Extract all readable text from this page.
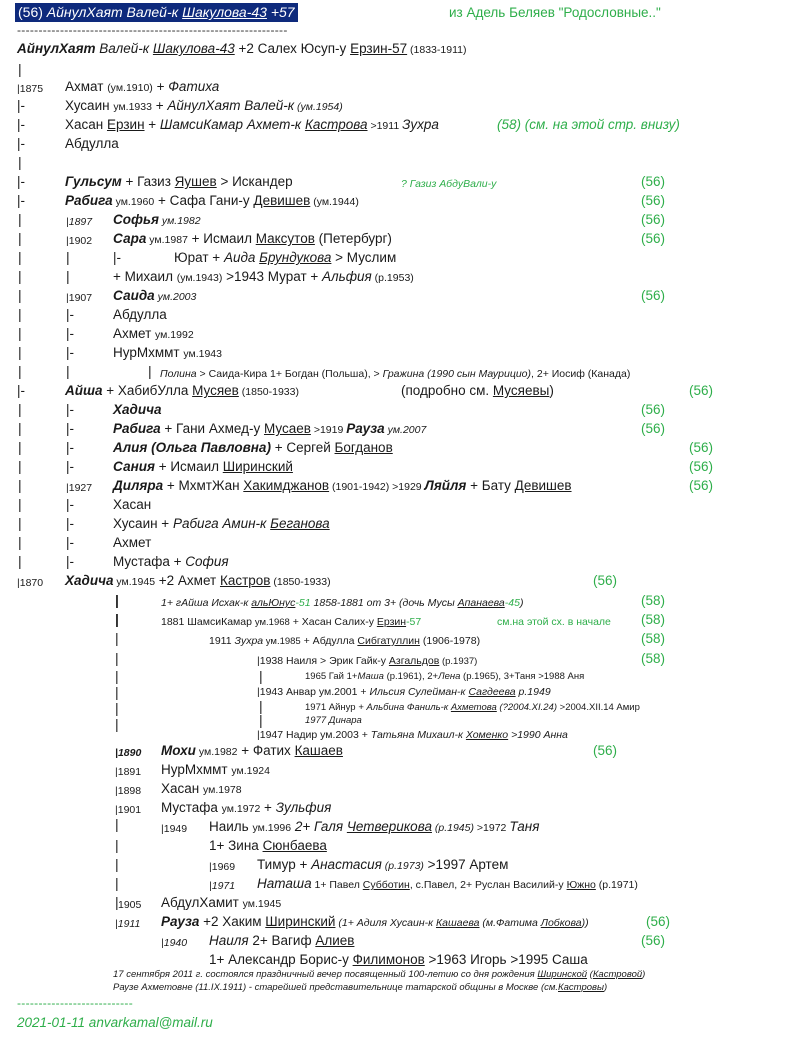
(56) АйнулХаят Валей-к Шакулова-43 +57	из Адель Беляев "Родословные.."
---------------------------------------------------------------
АйнулХаят Валей-к Шакулова-43 +2 Салех Юсуп-у Ерзин-57 (1833-1911)
|
|
|
|
|
|
|
|
|
|
|
|
|
|
|
|
|
|
|
|
|1875 Ахмат (ум.1910) + Фатиха
|-	Хусаин ум.1933 + АйнулХаят Валей-к (ум.1954)
|-	Хасан Ерзин + ШамсиКамар Ахмет-к Кастрова >1911 Зухра	(58) (см. на этой стр. внизу)
|-	Абдулла
|-	Гульсум + Газиз Яушев > Искандер	? Газиз АбдуВали-у	(56)
|-	Рабига ум.1960 + Сафа Гани-у Девишев (ум.1944)	(56)
|1897 Софья ум.1982	(56)
|1902 Сара ум.1987 + Исмаил Максутов (Петербург)	(56)
|
|
|-	Юрат + Аида Брундукова > Муслим
+ Михаил (ум.1943) >1943 Мурат + Альфия (р.1953)
|1907 Саида ум.2003	(56)
|-	Абдулла
|-	Ахмет ум.1992
|-	НурМхммт ум.1943
|	| Полина > Саида-Кира 1+ Богдан (Польша), > Гражина (1990 сын Маурицио), 2+ Иосиф (Канада)
|-	Айша + ХабибУлла Мусяев (1850-1933)	(подробно см. Мусяевы)	(56)
|-	Хадича	(56)
|-	Рабига + Гани Ахмед-у Мусаев >1919 Рауза ум.2007	(56)
|-	Алия (Ольга Павловна) + Сергей Богданов	(56)
|-	Сания + Исмаил Ширинский	(56)
|1927 Диляра + МхмтЖан Хакимджанов (1901-1942) >1929 Ляйля + Бату Девишев	(56)
|-	Хасан
|-	Хусаин + Рабига Амин-к Беганова
|-	Ахмет
|-	Мустафа + София
|1870 Хадича ум.1945 +2 Ахмет Кастров (1850-1933)	(56)
|
|
|
|
|
|
|
|
|
|
|
|
|
|
|
|
1+ гАйша Исхак-к альЮнус-51 1858-1881 от 3+ (дочь Мусы Апанаева-45)	(58)
1881 ШамсиКамар ум.1968 + Хасан Салих-у Ерзин-57	см.на этой сх. в начале (58)
1911 Зухра ум.1985 + Абдулла Сибгатуллин (1906-1978)	(58)
|1938 Наиля > Эрик Гайк-у Азгальдов (р.1937)	(58)
1965 Гай 1+Маша (р.1961), 2+Лена (р.1965), 3+Таня >1988 Аня
|1943 Анвар ум.2001 + Ильсия Сулейман-к Сагдеева р.1949
1971 Айнур + Альбина Фаниль-к Ахметова (?2004.XI.24) >2004.XII.14 Амир
1977 Динара
|1947 Надир ум.2003 + Татьяна Михаил-к Хоменко >1990 Анна
|1890 Мохи ум.1982 + Фатих Кашаев	(56)
|1891 НурМхммт ум.1924
|1898 Хасан ум.1978
|1901 Мустафа ум.1972 + Зульфия
|1949 Наиль ум.1996 2+ Галя Четверикова (р.1945) >1972 Таня
1+ Зина Сюнбаева
|1969 Тимур + Анастасия (р.1973) >1997 Артем
|1971 Наташа 1+ Павел Субботин, с.Павел, 2+ Руслан Василий-у Южно (р.1971)
1905 АбдулХамит ум.1945
|1911 Рауза +2 Хаким Ширинский (1+ Адиля Хусаин-к Кашаева (м.Фатима Лобкова))	(56)
|1940 Наиля 2+ Вагиф Алиев	(56)
1+ Александр Борис-у Филимонов >1963 Игорь >1995 Саша
17 сентября 2011 г. состоялся праздничный вечер посвященный 100-летию со дня рождения Ширинской (Кастровой)
Раузе Ахметовне (11.IX.1911) - старейшей представительнице татарской общины в Москве (см.Кастровы)
---------------------------
2021-01-11 anvarkamal@mail.ru
